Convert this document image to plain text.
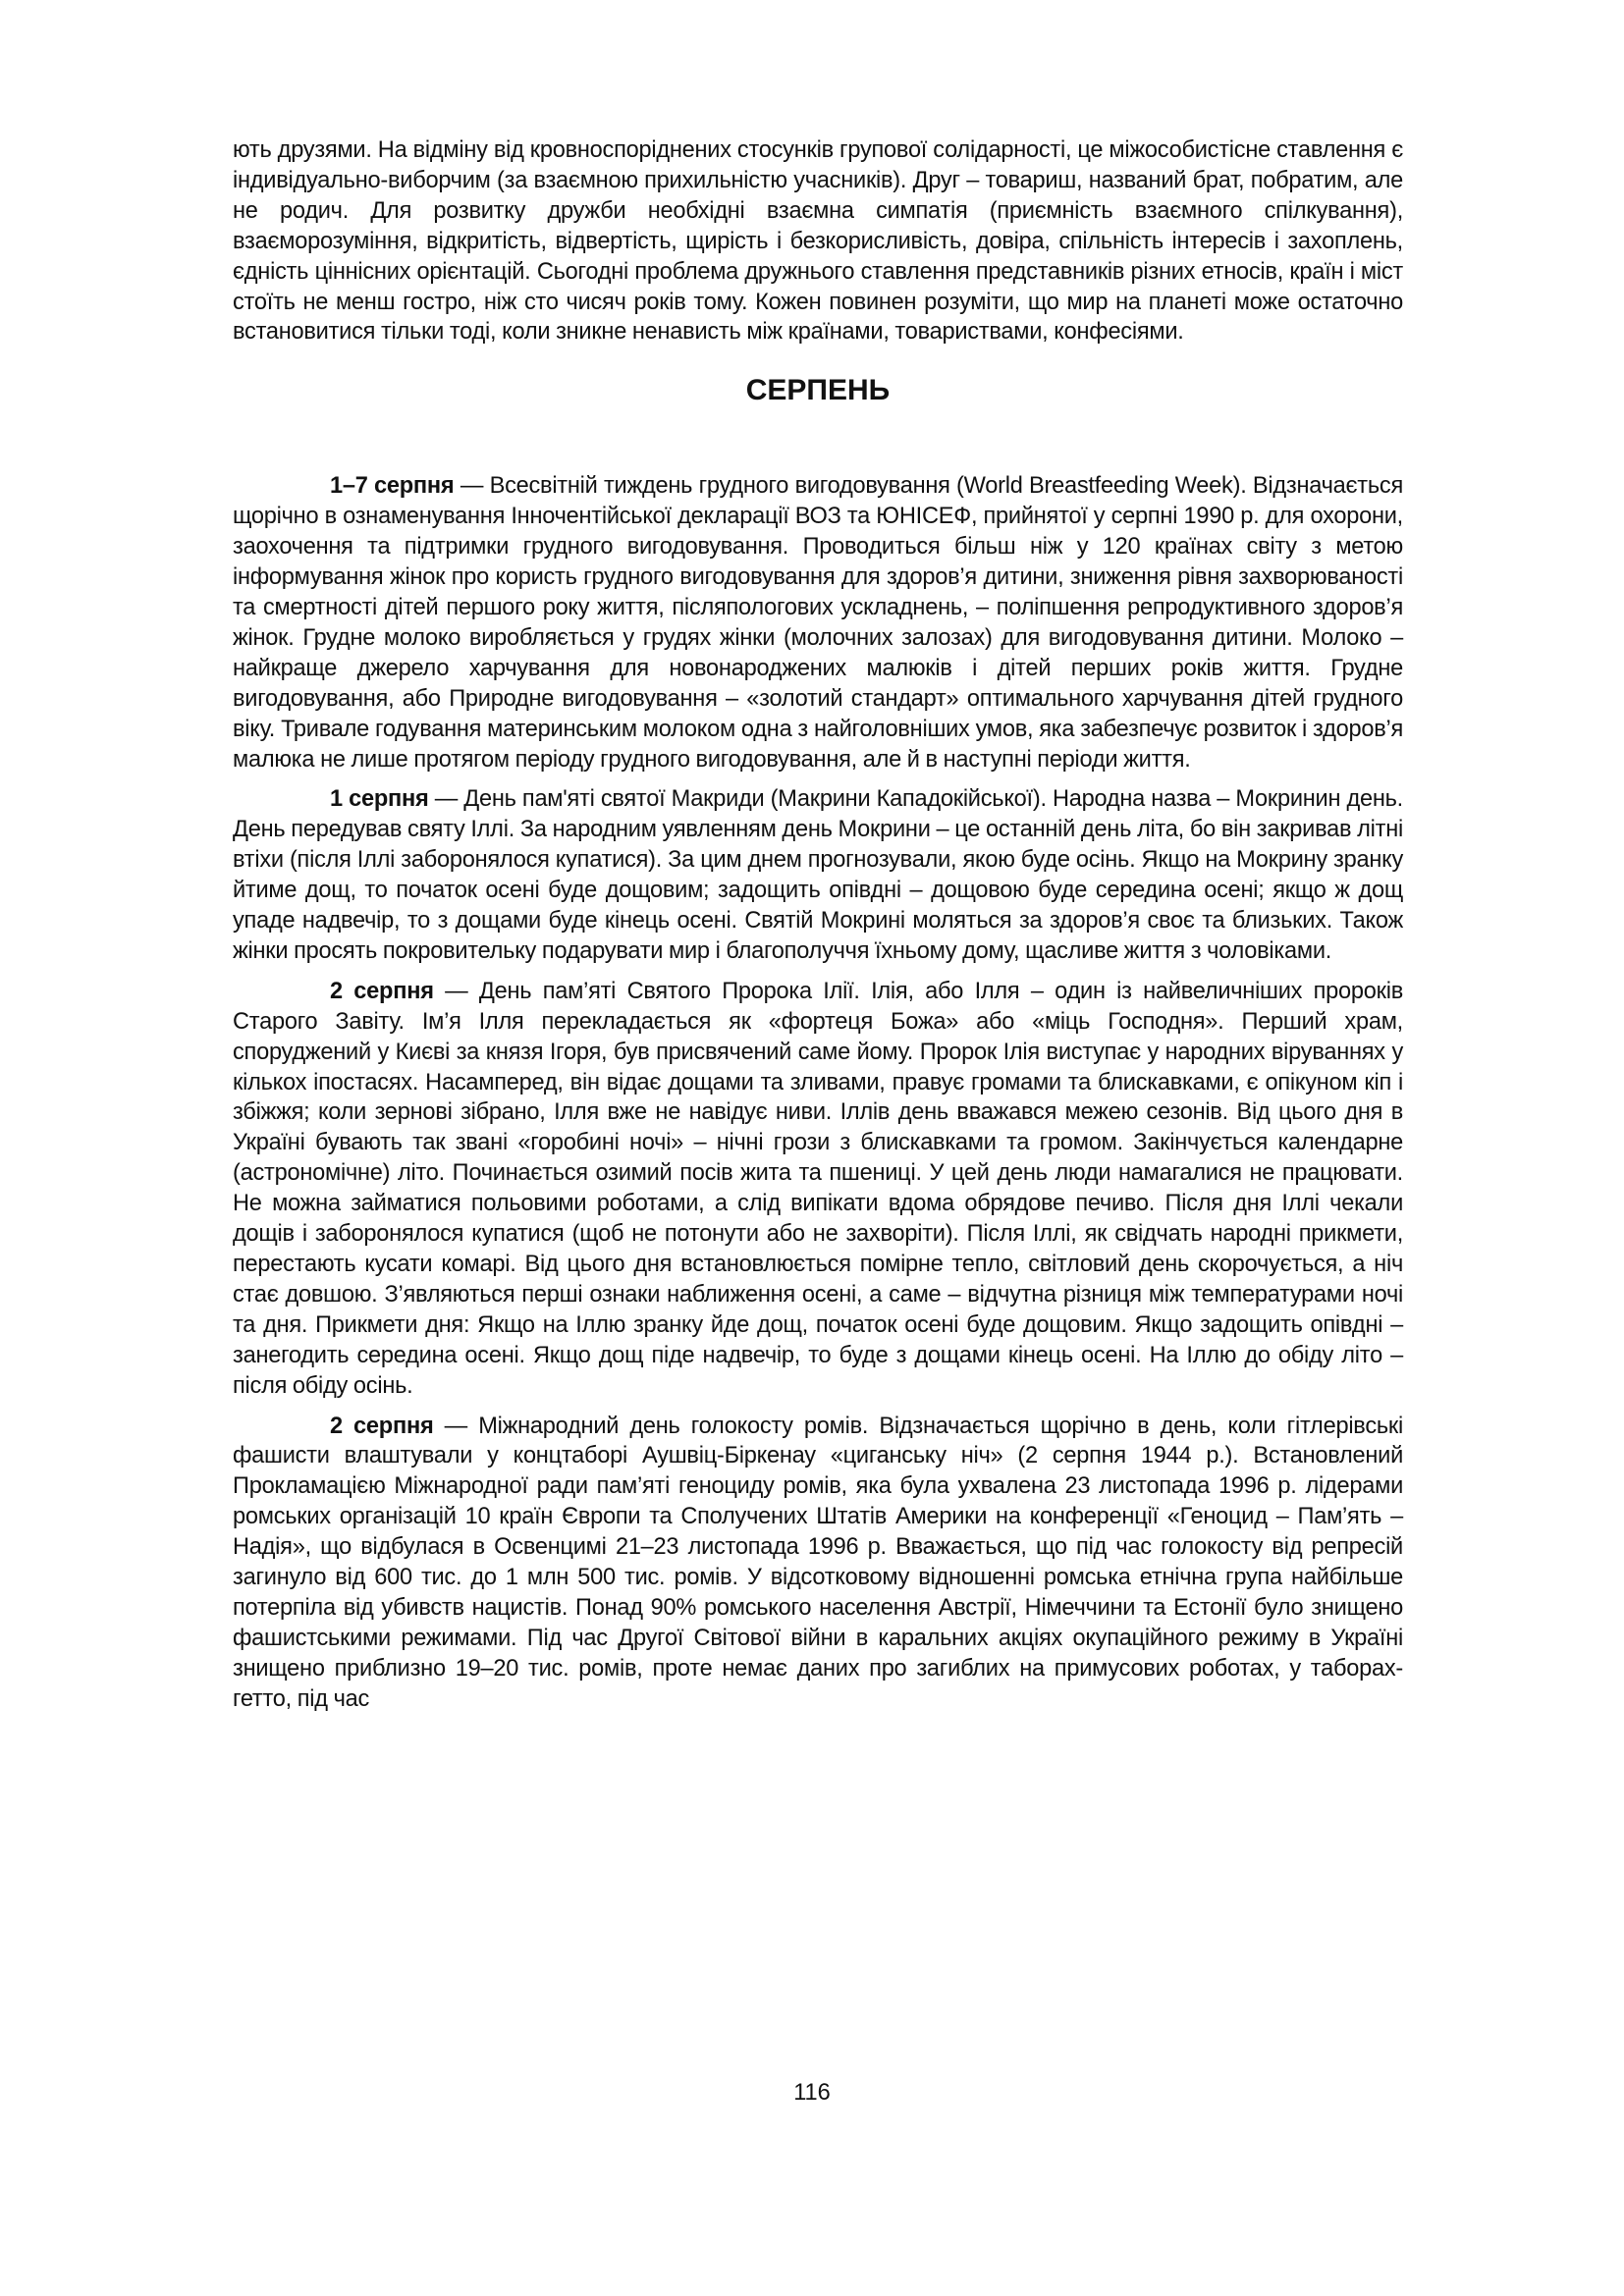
ють друзями. На відміну від кровноспоріднених стосунків групової солідарності, це міжособистісне ставлення є індивідуально-виборчим (за взаємною прихильністю учасників). Друг – товариш, названий брат, побратим, але не родич. Для розвитку дружби необхідні взаємна симпатія (приємність взаємного спілкування), взаєморозуміння, відкритість, відвертість, щирість і безкорисливість, довіра, спільність інтересів і захоплень, єдність ціннісних орієнтацій. Сьогодні проблема дружнього ставлення представників різних етносів, країн і міст стоїть не менш гостро, ніж сто чисяч років тому. Кожен повинен розуміти, що мир на планеті може остаточно встановитися тільки тоді, коли зникне ненависть між країнами, товариствами, конфесіями.

СЕРПЕНЬ

1–7 серпня — Всесвітній тиждень грудного вигодовування (World Breastfeeding Week). Відзначається щорічно в ознаменування Інночентійської декларації ВОЗ та ЮНІСЕФ, прийнятої у серпні 1990 р. для охорони, заохочення та підтримки грудного вигодовування. Проводиться більш ніж у 120 країнах світу з метою інформування жінок про користь грудного вигодовування для здоров’я дитини, зниження рівня захворюваності та смертності дітей першого року життя, післяпологових ускладнень, – поліпшення репродуктивного здоров’я жінок. Грудне молоко виробляється у грудях жінки (молочних залозах) для вигодовування дитини. Молоко – найкраще джерело харчування для новонароджених малюків і дітей перших років життя. Грудне вигодовування, або Природне вигодовування – «золотий стандарт» оптимального харчування дітей грудного віку. Тривале годування материнським молоком одна з найголовніших умов, яка забезпечує розвиток і здоров’я малюка не лише протягом періоду грудного вигодовування, але й в наступні періоди життя.

1 серпня — День пам'яті святої Макриди (Макрини Кападокійської). Народна назва – Мокринин день. День передував святу Іллі. За народним уявленням день Мокрини – це останній день літа, бо він закривав літні втіхи (після Іллі заборонялося купатися). За цим днем прогнозували, якою буде осінь. Якщо на Мокрину зранку йтиме дощ, то початок осені буде дощовим; задощить опівдні – дощовою буде середина осені; якщо ж дощ упаде надвечір, то з дощами буде кінець осені. Святій Мокрині моляться за здоров’я своє та близьких. Також жінки просять покровительку подарувати мир і благополуччя їхньому дому, щасливе життя з чоловіками.

2 серпня — День пам’яті Святого Пророка Ілії. Ілія, або Ілля – один із найвеличніших пророків Старого Завіту. Ім’я Ілля перекладається як «фортеця Божа» або «міць Господня». Перший храм, споруджений у Києві за князя Ігоря, був присвячений саме йому. Пророк Ілія виступає у народних віруваннях у кількох іпостасях. Насамперед, він відає дощами та зливами, правує громами та блискавками, є опікуном кіп і збіжжя; коли зернові зібрано, Ілля вже не навідує ниви. Іллів день вважався межею сезонів. Від цього дня в Україні бувають так звані «горобині ночі» – нічні грози з блискавками та громом. Закінчується календарне (астрономічне) літо. Починається озимий посів жита та пшениці. У цей день люди намагалися не працювати. Не можна займатися польовими роботами, а слід випікати вдома обрядове печиво. Після дня Іллі чекали дощів і заборонялося купатися (щоб не потонути або не захворіти). Після Іллі, як свідчать народні прикмети, перестають кусати комарі. Від цього дня встановлюється помірне тепло, світловий день скорочується, а ніч стає довшою. З’являються перші ознаки наближення осені, а саме – відчутна різниця між температурами ночі та дня. Прикмети дня: Якщо на Іллю зранку йде дощ, початок осені буде дощовим. Якщо задощить опівдні – занегодить середина осені. Якщо дощ піде надвечір, то буде з дощами кінець осені. На Іллю до обіду літо – після обіду осінь.

2 серпня — Міжнародний день голокосту ромів. Відзначається щорічно в день, коли гітлерівські фашисти влаштували у концтаборі Аушвіц-Біркенау «циганську ніч» (2 серпня 1944 р.). Встановлений Прокламацією Міжнародної ради пам’яті геноциду ромів, яка була ухвалена 23 листопада 1996 р. лідерами ромських організацій 10 країн Європи та Сполучених Штатів Америки на конференції «Геноцид – Пам’ять – Надія», що відбулася в Освенцимі 21–23 листопада 1996 р. Вважається, що під час голокосту від репресій загинуло від 600 тис. до 1 млн 500 тис. ромів. У відсотковому відношенні ромська етнічна група найбільше потерпіла від убивств нацистів. Понад 90% ромського населення Австрії, Німеччини та Естонії було знищено фашистськими режимами. Під час Другої Світової війни в каральних акціях окупаційного режиму в Україні знищено приблизно 19–20 тис. ромів, проте немає даних про загиблих на примусових роботах, у таборах-гетто, під час

116
